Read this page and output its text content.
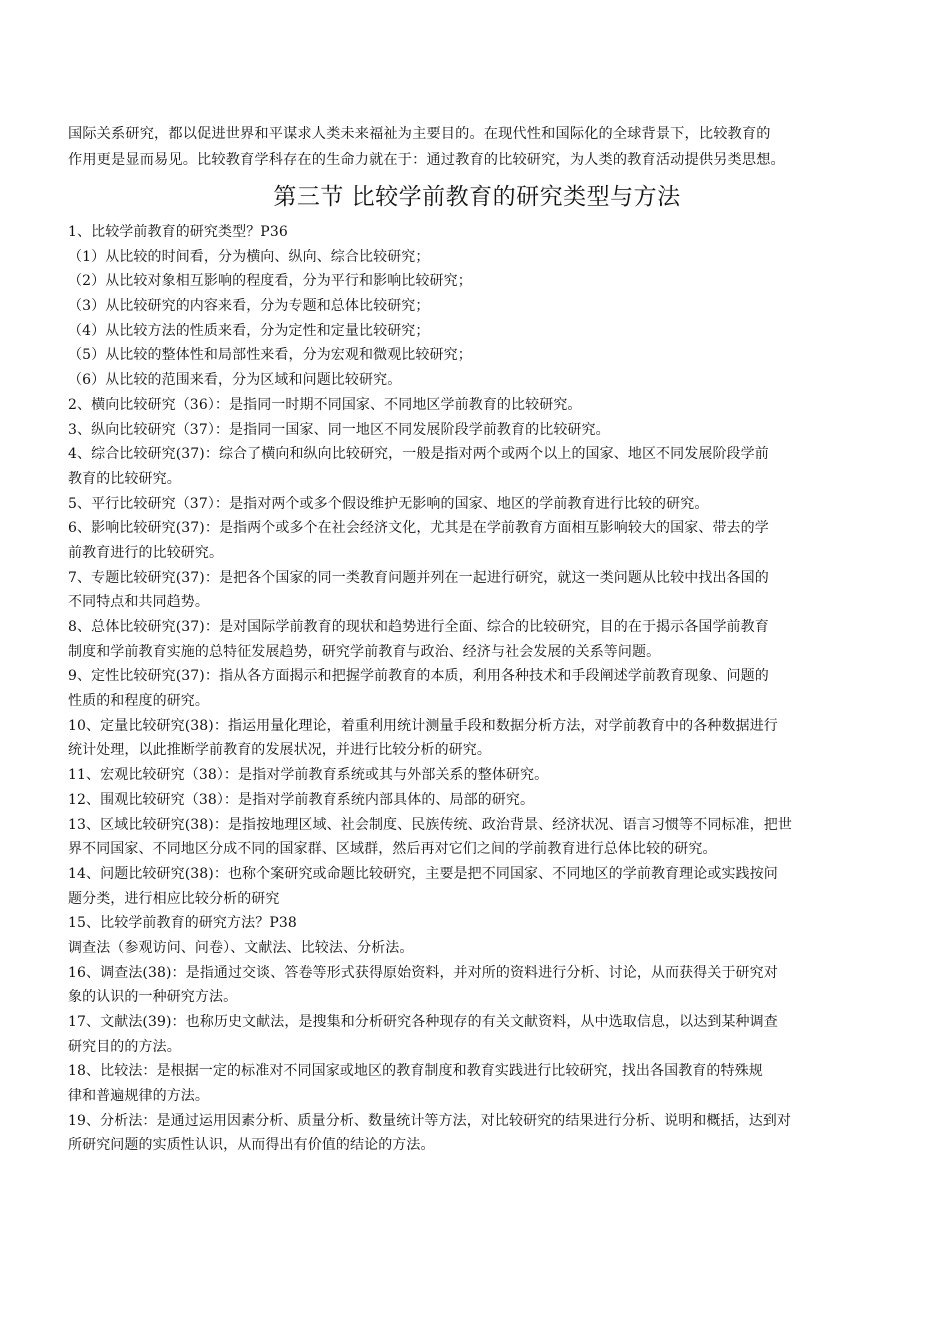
国际关系研究，都以促进世界和平谋求人类未来福祉为主要目的。在现代性和国际化的全球背景下，比较教育的
作用更是显而易见。比较教育学科存在的生命力就在于：通过教育的比较研究，为人类的教育活动提供另类思想。
第三节 比较学前教育的研究类型与方法
1、比较学前教育的研究类型？P36
（1）从比较的时间看，分为横向、纵向、综合比较研究；
（2）从比较对象相互影响的程度看，分为平行和影响比较研究；
（3）从比较研究的内容来看，分为专题和总体比较研究；
（4）从比较方法的性质来看，分为定性和定量比较研究；
（5）从比较的整体性和局部性来看，分为宏观和微观比较研究；
（6）从比较的范围来看，分为区域和问题比较研究。
2、横向比较研究（36）：是指同一时期不同国家、不同地区学前教育的比较研究。
3、纵向比较研究（37）：是指同一国家、同一地区不同发展阶段学前教育的比较研究。
4、综合比较研究(37)：综合了横向和纵向比较研究，一般是指对两个或两个以上的国家、地区不同发展阶段学前
教育的比较研究。
5、平行比较研究（37）：是指对两个或多个假设维护无影响的国家、地区的学前教育进行比较的研究。
6、影响比较研究(37)：是指两个或多个在社会经济文化，尤其是在学前教育方面相互影响较大的国家、带去的学
前教育进行的比较研究。
7、专题比较研究(37)：是把各个国家的同一类教育问题并列在一起进行研究，就这一类问题从比较中找出各国的
不同特点和共同趋势。
8、总体比较研究(37)：是对国际学前教育的现状和趋势进行全面、综合的比较研究，目的在于揭示各国学前教育
制度和学前教育实施的总特征发展趋势，研究学前教育与政治、经济与社会发展的关系等问题。
9、定性比较研究(37)：指从各方面揭示和把握学前教育的本质，利用各种技术和手段阐述学前教育现象、问题的
性质的和程度的研究。
10、定量比较研究(38)：指运用量化理论，着重利用统计测量手段和数据分析方法，对学前教育中的各种数据进行
统计处理，以此推断学前教育的发展状况，并进行比较分析的研究。
11、宏观比较研究（38）：是指对学前教育系统或其与外部关系的整体研究。
12、围观比较研究（38）：是指对学前教育系统内部具体的、局部的研究。
13、区域比较研究(38)：是指按地理区域、社会制度、民族传统、政治背景、经济状况、语言习惯等不同标准，把世
界不同国家、不同地区分成不同的国家群、区域群，然后再对它们之间的学前教育进行总体比较的研究。
14、问题比较研究(38)：也称个案研究或命题比较研究，主要是把不同国家、不同地区的学前教育理论或实践按问
题分类，进行相应比较分析的研究
15、比较学前教育的研究方法？P38
调查法（参观访问、问卷）、文献法、比较法、分析法。
16、调查法(38)：是指通过交谈、答卷等形式获得原始资料，并对所的资料进行分析、讨论，从而获得关于研究对
象的认识的一种研究方法。
17、文献法(39)：也称历史文献法，是搜集和分析研究各种现存的有关文献资料，从中选取信息，以达到某种调查
研究目的的方法。
18、比较法：是根据一定的标准对不同国家或地区的教育制度和教育实践进行比较研究，找出各国教育的特殊规
律和普遍规律的方法。
19、分析法：是通过运用因素分析、质量分析、数量统计等方法，对比较研究的结果进行分析、说明和概括，达到对
所研究问题的实质性认识，从而得出有价值的结论的方法。
